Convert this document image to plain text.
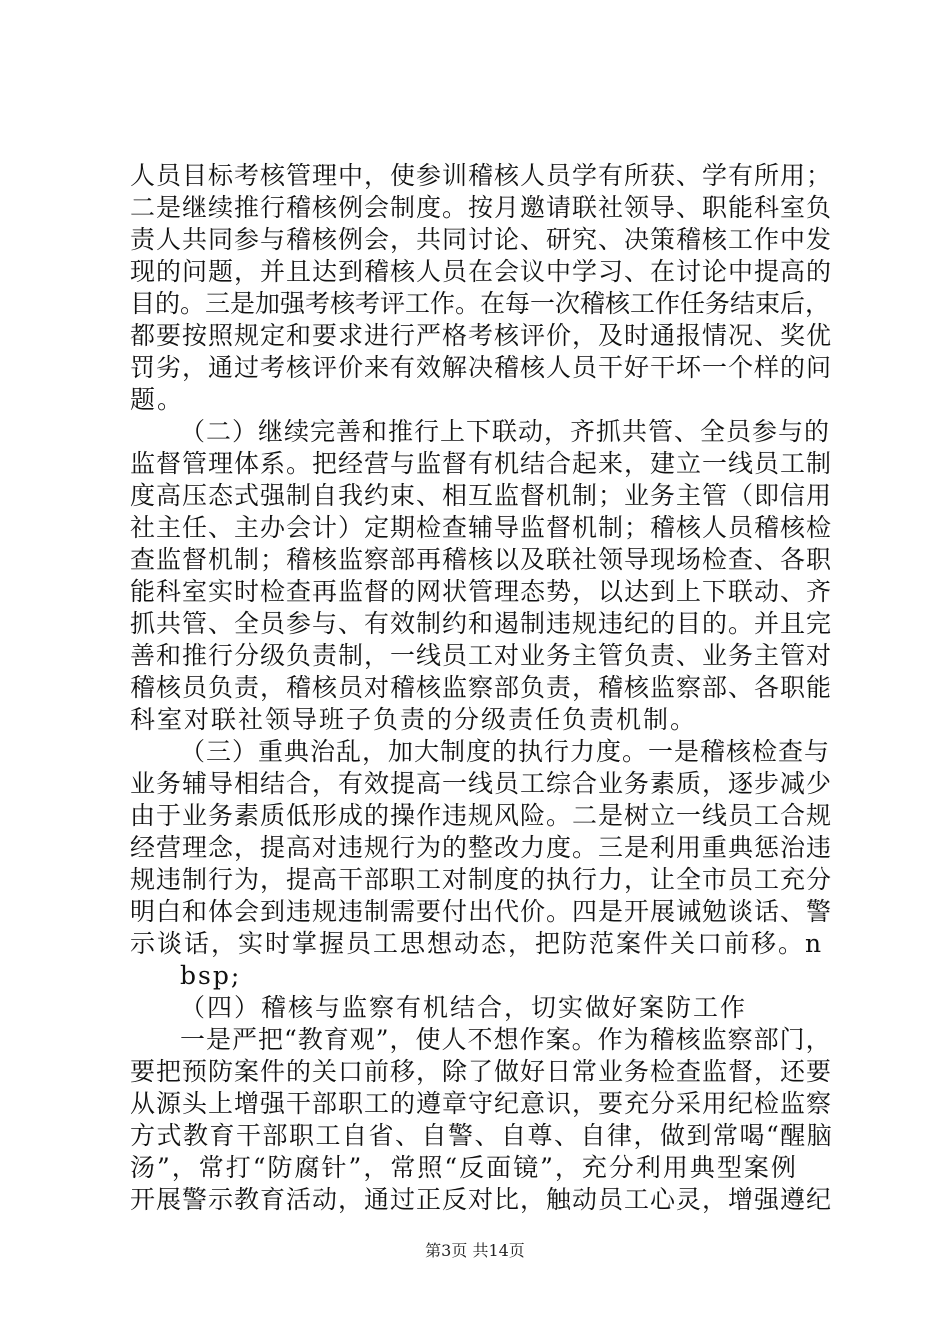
人员目标考核管理中，使参训稽核人员学有所获、学有所用；
二是继续推行稽核例会制度。按月邀请联社领导、职能科室负
责人共同参与稽核例会，共同讨论、研究、决策稽核工作中发
现的问题，并且达到稽核人员在会议中学习、在讨论中提高的
目的。三是加强考核考评工作。在每一次稽核工作任务结束后，
都要按照规定和要求进行严格考核评价，及时通报情况、奖优
罚劣，通过考核评价来有效解决稽核人员干好干坏一个样的问
题。
（二）继续完善和推行上下联动，齐抓共管、全员参与的
监督管理体系。把经营与监督有机结合起来，建立一线员工制
度高压态式强制自我约束、相互监督机制；业务主管（即信用
社主任、主办会计）定期检查辅导监督机制；稽核人员稽核检
查监督机制；稽核监察部再稽核以及联社领导现场检查、各职
能科室实时检查再监督的网状管理态势，以达到上下联动、齐
抓共管、全员参与、有效制约和遏制违规违纪的目的。并且完
善和推行分级负责制，一线员工对业务主管负责、业务主管对
稽核员负责，稽核员对稽核监察部负责，稽核监察部、各职能
科室对联社领导班子负责的分级责任负责机制。
（三）重典治乱，加大制度的执行力度。一是稽核检查与
业务辅导相结合，有效提高一线员工综合业务素质，逐步减少
由于业务素质低形成的操作违规风险。二是树立一线员工合规
经营理念，提高对违规行为的整改力度。三是利用重典惩治违
规违制行为，提高干部职工对制度的执行力，让全市员工充分
明白和体会到违规违制需要付出代价。四是开展诫勉谈话、警
示谈话，实时掌握员工思想动态，把防范案件关口前移。n
bsp;
（四）稽核与监察有机结合，切实做好案防工作
一是严把“教育观”，使人不想作案。作为稽核监察部门，
要把预防案件的关口前移，除了做好日常业务检查监督，还要
从源头上增强干部职工的遵章守纪意识，要充分采用纪检监察
方式教育干部职工自省、自警、自尊、自律，做到常喝“醒脑
汤”，常打“防腐针”，常照“反面镜”，充分利用典型案例
开展警示教育活动，通过正反对比，触动员工心灵，增强遵纪
第3页 共14页
